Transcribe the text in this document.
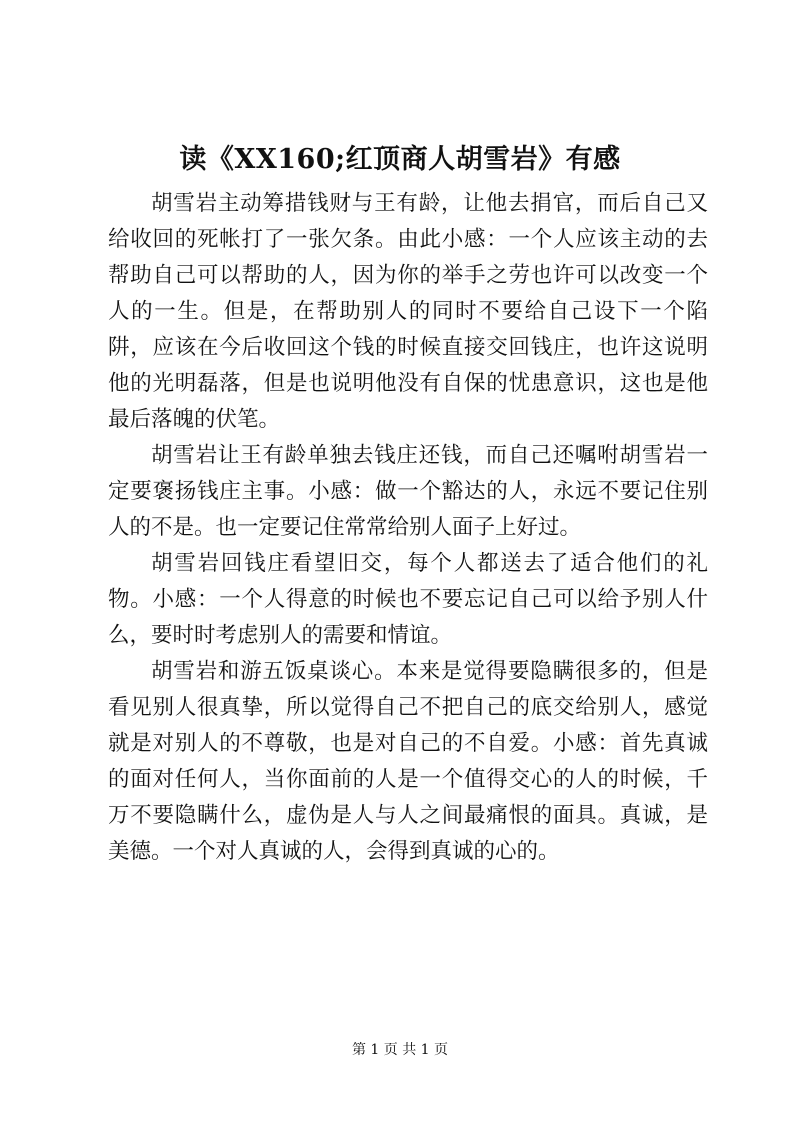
读《XX160;红顶商人胡雪岩》有感

胡雪岩主动筹措钱财与王有龄，让他去捐官，而后自己又给收回的死帐打了一张欠条。由此小感：一个人应该主动的去帮助自己可以帮助的人，因为你的举手之劳也许可以改变一个人的一生。但是，在帮助别人的同时不要给自己设下一个陷阱，应该在今后收回这个钱的时候直接交回钱庄，也许这说明他的光明磊落，但是也说明他没有自保的忧患意识，这也是他最后落魄的伏笔。

胡雪岩让王有龄单独去钱庄还钱，而自己还嘱咐胡雪岩一定要褒扬钱庄主事。小感：做一个豁达的人，永远不要记住别人的不是。也一定要记住常常给别人面子上好过。

胡雪岩回钱庄看望旧交，每个人都送去了适合他们的礼物。小感：一个人得意的时候也不要忘记自己可以给予别人什么，要时时考虑别人的需要和情谊。

胡雪岩和游五饭桌谈心。本来是觉得要隐瞒很多的，但是看见别人很真挚，所以觉得自己不把自己的底交给别人，感觉就是对别人的不尊敬，也是对自己的不自爱。小感：首先真诚的面对任何人，当你面前的人是一个值得交心的人的时候，千万不要隐瞒什么，虚伪是人与人之间最痛恨的面具。真诚，是美德。一个对人真诚的人，会得到真诚的心的。

第 1 页 共 1 页
